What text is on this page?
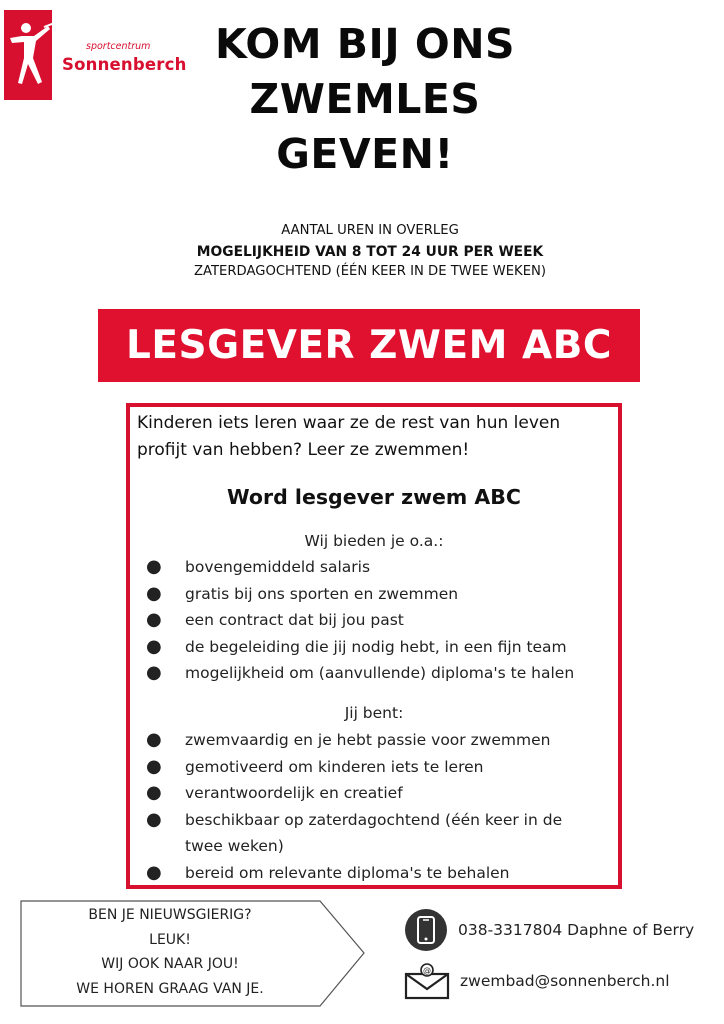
sportcentrum
Sonnenberch KOM BIJ ONS
ZWEMLES
GEVEN!
AANTAL UREN IN OVERLEG
MOGELIJKHEID VAN 8 TOT 24 UUR PER WEEK
ZATERDAGOCHTEND (ÉÉN KEER IN DE TWEE WEKEN)
LESGEVER ZWEM ABC
Kinderen iets leren waar ze de rest van hun leven profijt van hebben? Leer ze zwemmen!
Word lesgever zwem ABC
Wij bieden je o.a.:
● bovengemiddeld salaris
● gratis bij ons sporten en zwemmen
● een contract dat bij jou past
● de begeleiding die jij nodig hebt, in een fijn team
● mogelijkheid om (aanvullende) diploma's te halen
Jij bent:
● zwemvaardig en je hebt passie voor zwemmen
● gemotiveerd om kinderen iets te leren
● verantwoordelijk en creatief
● beschikbaar op zaterdagochtend (één keer in de twee weken)
● bereid om relevante diploma's te behalen
BEN JE NIEUWSGIERIG?
LEUK!
WIJ OOK NAAR JOU!
WE HOREN GRAAG VAN JE.
038-3317804 Daphne of Berry
@
zwembad@sonnenberch.nl
